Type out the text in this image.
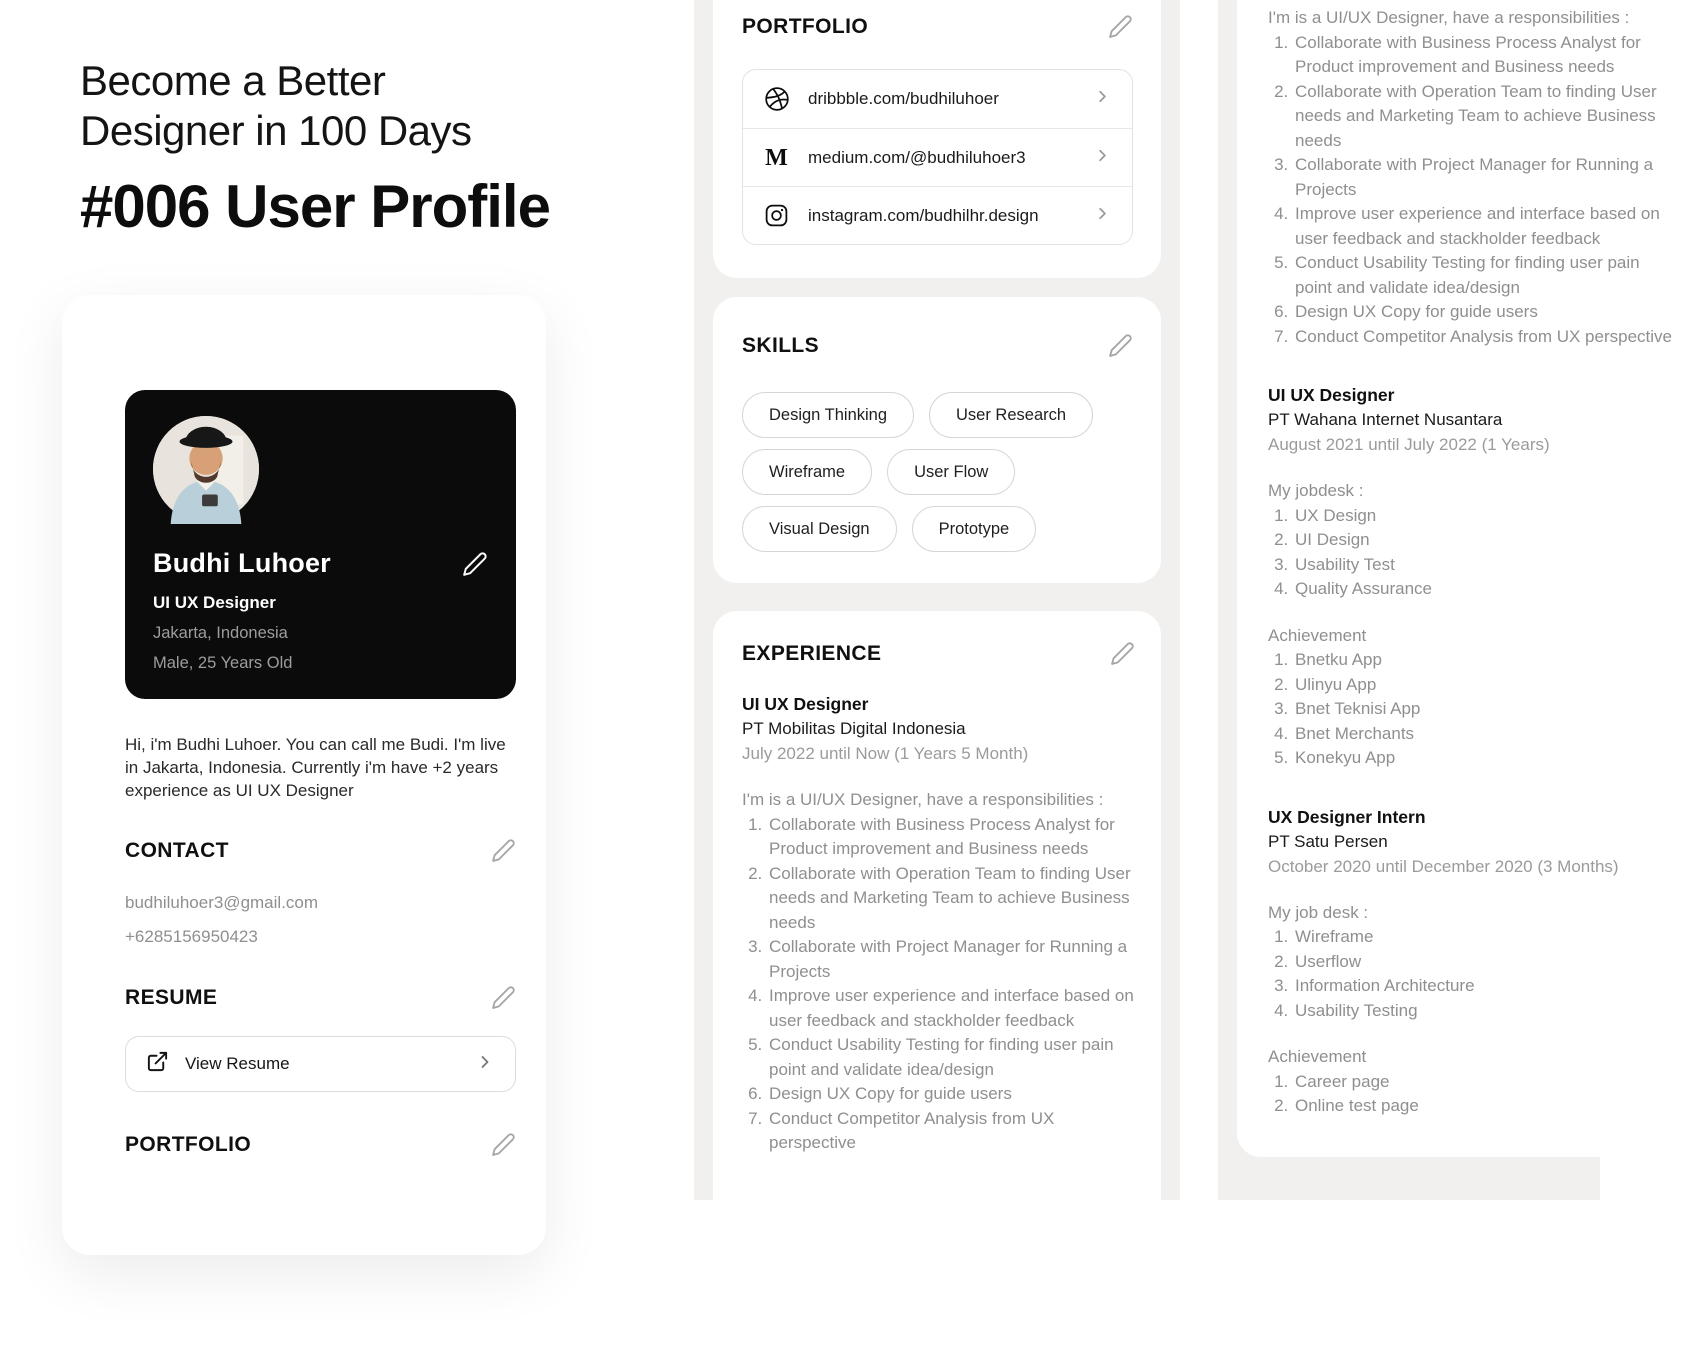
Become a Better
Designer in 100 Days
#006 User Profile
Budhi Luhoer
UI UX Designer
Jakarta, Indonesia
Male, 25 Years Old
Hi, i'm Budhi Luhoer. You can call me Budi. I'm live in Jakarta, Indonesia. Currently i'm have +2 years experience as UI UX Designer
CONTACT
budhiluhoer3@gmail.com
+6285156950423
RESUME
View Resume
PORTFOLIO
PORTFOLIO
dribbble.com/budhiluhoer
M medium.com/@budhiluhoer3
instagram.com/budhilhr.design
SKILLS
Design Thinking	User Research
Wireframe	User Flow
Visual Design	Prototype
EXPERIENCE
UI UX Designer
PT Mobilitas Digital Indonesia
July 2022 until Now (1 Years 5 Month)
I'm is a UI/UX Designer, have a responsibilities :
1. Collaborate with Business Process Analyst for Product improvement and Business needs
2. Collaborate with Operation Team to finding User needs and Marketing Team to achieve Business needs
3. Collaborate with Project Manager for Running a Projects
4. Improve user experience and interface based on user feedback and stackholder feedback
5. Conduct Usability Testing for finding user pain point and validate idea/design
6. Design UX Copy for guide users
7. Conduct Competitor Analysis from UX perspective
I'm is a UI/UX Designer, have a responsibilities :
1. Collaborate with Business Process Analyst for Product improvement and Business needs
2. Collaborate with Operation Team to finding User needs and Marketing Team to achieve Business needs
3. Collaborate with Project Manager for Running a Projects
4. Improve user experience and interface based on user feedback and stackholder feedback
5. Conduct Usability Testing for finding user pain point and validate idea/design
6. Design UX Copy for guide users
7. Conduct Competitor Analysis from UX perspective
UI UX Designer
PT Wahana Internet Nusantara
August 2021 until July 2022 (1 Years)
My jobdesk :
1. UX Design
2. UI Design
3. Usability Test
4. Quality Assurance
Achievement
1. Bnetku App
2. Ulinyu App
3. Bnet Teknisi App
4. Bnet Merchants
5. Konekyu App
UX Designer Intern
PT Satu Persen
October 2020 until December 2020 (3 Months)
My job desk :
1. Wireframe
2. Userflow
3. Information Architecture
4. Usability Testing
Achievement
1. Career page
2. Online test page
